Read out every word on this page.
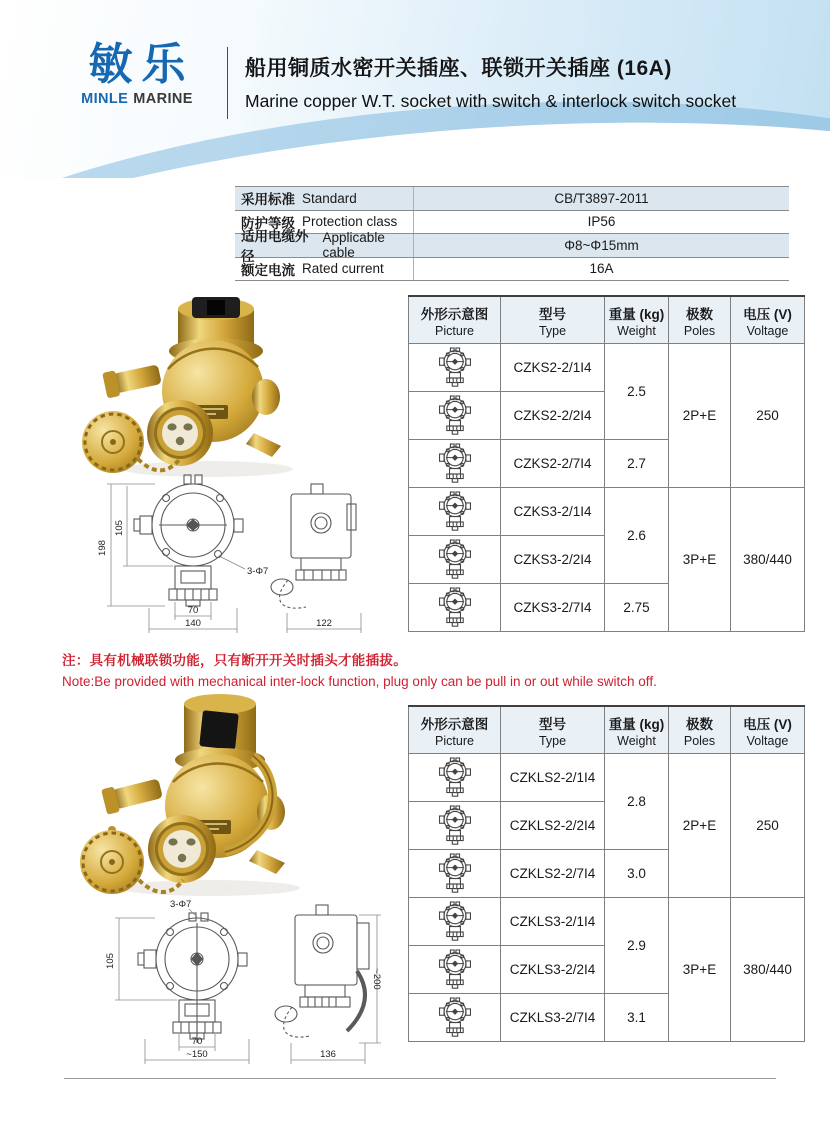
敏乐
MINLE MARINE
船用铜质水密开关插座、联锁开关插座 (16A)
Marine copper W.T. socket with switch & interlock switch socket
采用标准 Standard	CB/T3897-2011
防护等级 Protection class	IP56
适用电缆外径
Applicable cable	Φ8~Φ15mm
额定电流 Rated current	16A
198
105
3-Φ7
70
140	122
外形示意图
Picture	型号
Type	重量 (kg)
Weight	极数
Poles	电压 (V)
Voltage

	CZKS2-2/1I4	2.5	2P+E	250

	CZKS2-2/2I4			

	CZKS2-2/7I4	2.7		

	CZKS3-2/1I4	2.6	3P+E	380/440

	CZKS3-2/2I4			

	CZKS3-2/7I4	2.75		
注：具有机械联锁功能，只有断开开关时插头才能插拔。
Note:Be provided with mechanical inter-lock function, plug only can be pull in or out while switch off.
3-Φ7
105
70
~150	136
~200
外形示意图
Picture	型号
Type	重量 (kg)
Weight	极数
Poles	电压 (V)
Voltage

	CZKLS2-2/1I4	2.8	2P+E	250

	CZKLS2-2/2I4			

	CZKLS2-2/7I4	3.0		

	CZKLS3-2/1I4	2.9	3P+E	380/440

	CZKLS3-2/2I4			

	CZKLS3-2/7I4	3.1		
